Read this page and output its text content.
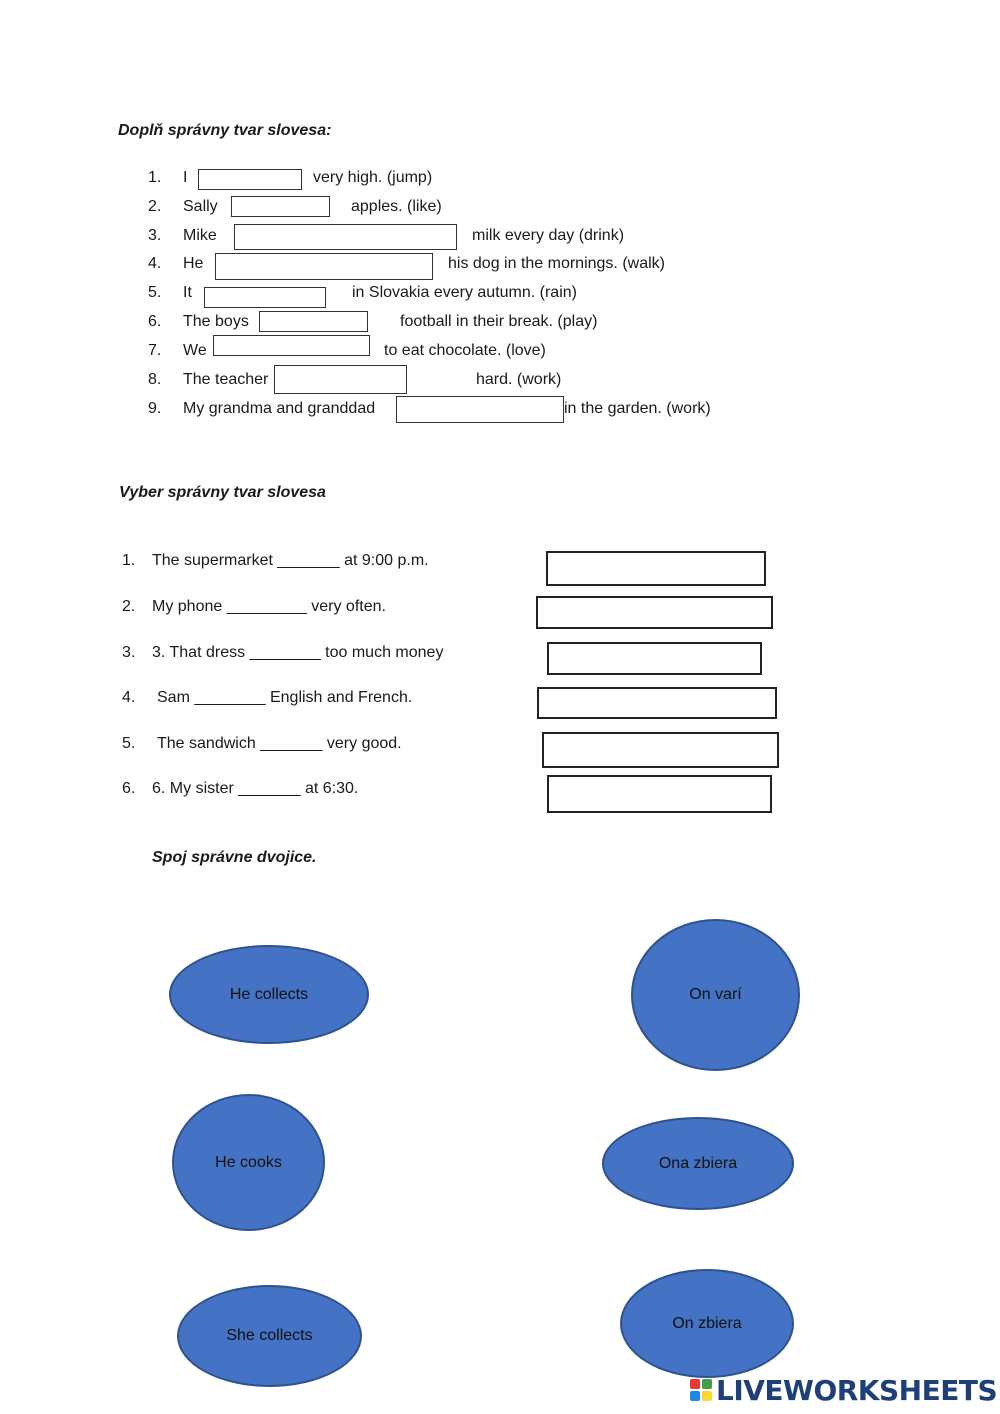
Doplň správny tvar slovesa:
1. I	very high. (jump)
2. Sally	apples. (like)
3. Mike	milk every day (drink)
4. He	his dog in the mornings. (walk)
5. It	in Slovakia every autumn. (rain)
6. The boys	football in their break. (play)
7. We	to eat chocolate. (love)
8. The teacher	hard. (work)
9. My grandma and granddad	in the garden. (work)
Vyber správny tvar slovesa
1. The supermarket _______ at 9:00 p.m.
2. My phone _________ very often.
3. 3. That dress ________ too much money
4. Sam ________ English and French.
5. The sandwich _______ very good.
6. 6. My sister _______ at 6:30.
Spoj správne dvojice.
He collects
He cooks
She collects
On varí
Ona zbiera
On zbiera
LIVEWORKSHEETS
